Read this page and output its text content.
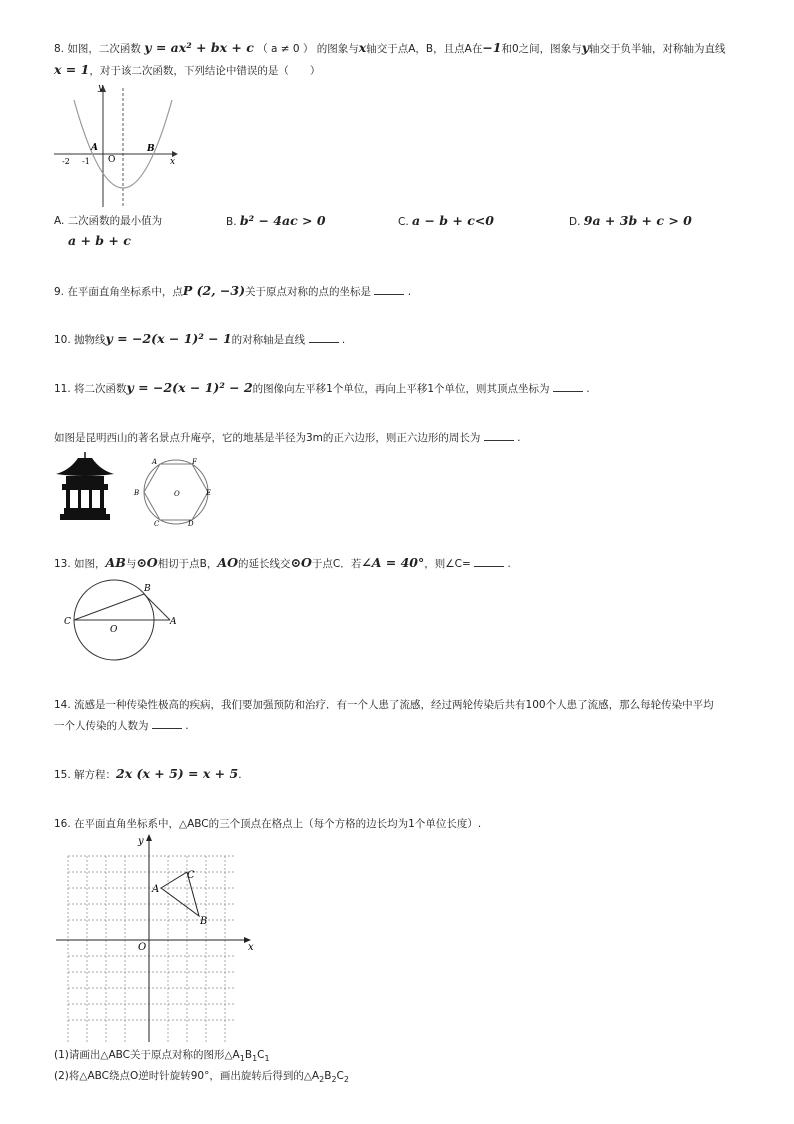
8. 如图，二次函数 y = ax² + bx + c （ a ≠ 0 ） 的图象与x轴交于点A，B，且点A在−1和0之间，图象与y轴交于负半轴，对称轴为直线
x = 1，对于该二次函数，下列结论中错误的是（　　）
y
x
A	B
O
-2 -1
A. 二次函数的最小值为
a + b + c
B. b² − 4ac > 0	C. a − b + c<0	D. 9a + 3b + c > 0
9. 在平面直角坐标系中，点P (2, −3)关于原点对称的点的坐标是	.
10. 抛物线y = −2(x − 1)² − 1的对称轴是直线	.
11. 将二次函数y = −2(x − 1)² − 2的图像向左平移1个单位，再向上平移1个单位，则其顶点坐标为	.
如图是昆明西山的著名景点升庵亭，它的地基是半径为3m的正六边形，则正六边形的周长为	.
A	F
E
B
C	D
O
13. 如图，AB与⊙O相切于点B，AO的延长线交⊙O于点C．若∠A = 40°，则∠C=	.
C
O
B
A
14. 流感是一种传染性极高的疾病，我们要加强预防和治疗．有一个人患了流感，经过两轮传染后共有100个人患了流感，那么每轮传染中平均
一个人传染的人数为	.
15. 解方程：2x (x + 5) = x + 5.
16. 在平面直角坐标系中，△ABC的三个顶点在格点上（每个方格的边长均为1个单位长度）.
y
x
O
A
B
C
(1)请画出△ABC关于原点对称的图形$\triangle A_1B_1C_1$
(2)将△ABC绕点O逆时针旋转90°，画出旋转后得到的$\triangle A_2B_2C_2$
